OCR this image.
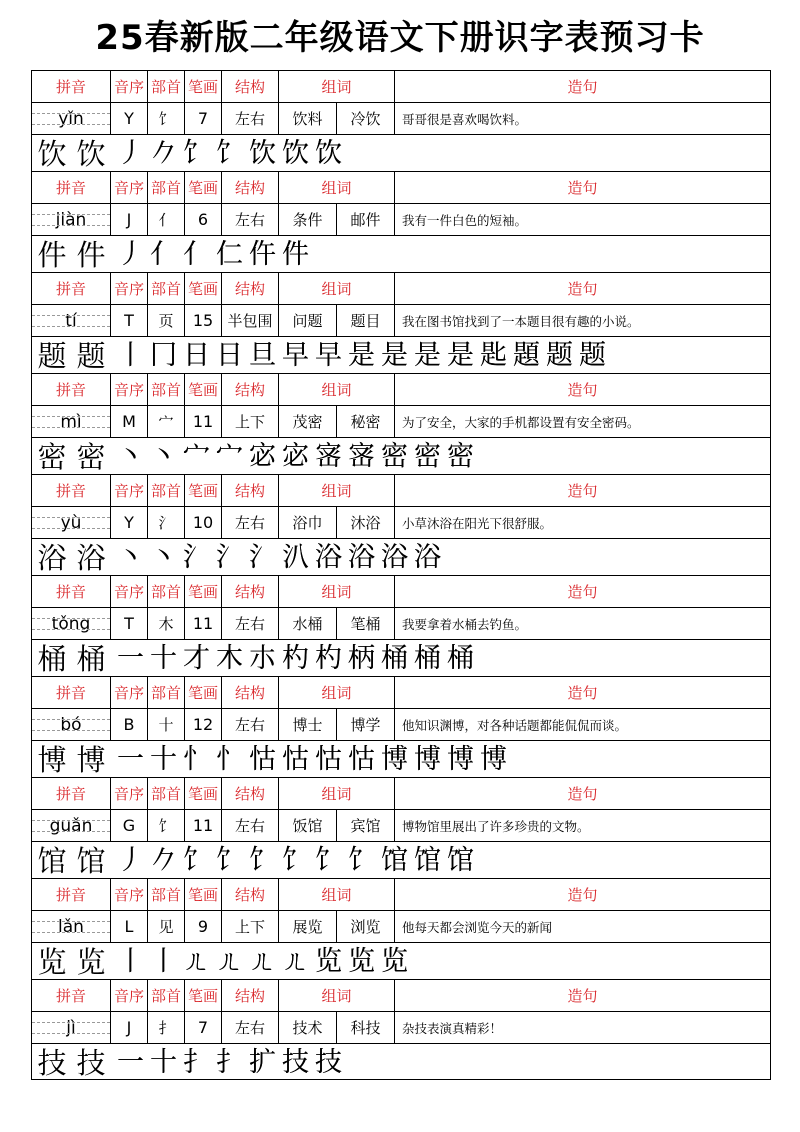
25春新版二年级语文下册识字表预习卡
拼音	音序 部首 笔画	结构	组词	造句
yǐn	Y	饣	7	左右	饮料	冷饮	哥哥很是喜欢喝饮料。
饮 饮 丿 𠂊 饣 饣 饮 饮 饮
拼音	音序 部首 笔画	结构	组词	造句
jiàn	J	亻	6	左右	条件	邮件	我有一件白色的短袖。
件 件 丿 亻 亻 仁 仵 件
拼音	音序 部首 笔画	结构	组词	造句
tí	T	页	15 半包围	问题	题目	我在图书馆找到了一本题目很有趣的小说。
题 题 丨 冂 日 日 旦 早 早 是 是 是 是 匙 題 题 题
拼音	音序 部首 笔画	结构	组词	造句
mì	M	宀	11	上下	茂密	秘密	为了安全，大家的手机都设置有安全密码。
密 密 丶 丶 宀 宀 宓 宓 宻 宻 密 密 密
拼音	音序 部首 笔画	结构	组词	造句
yù	Y	氵	10	左右	浴巾	沐浴	小草沐浴在阳光下很舒服。
浴 浴 丶 丶 氵 氵 氵 汃 浴 浴 浴 浴
拼音	音序 部首 笔画	结构	组词	造句
tǒng	T	木	11	左右	水桶	笔桶	我要拿着水桶去钓鱼。
桶 桶 一 十 才 木 朩 杓 杓 柄 桶 桶 桶
拼音	音序 部首 笔画	结构	组词	造句
bó	B	十	12	左右	博士	博学	他知识渊博，对各种话题都能侃侃而谈。
博 博 一 十 忄 忄 怙 怙 怙 怙 博 博 博 博
拼音	音序 部首 笔画	结构	组词	造句
guǎn	G	饣	11	左右	饭馆	宾馆	博物馆里展出了许多珍贵的文物。
馆 馆 丿 𠂊 饣 饣 饣 饣 饣 饣 馆 馆 馆
拼音	音序 部首 笔画	结构	组词	造句
lǎn	L	见	9	上下	展览	浏览	他每天都会浏览今天的新闻
览 览 丨 丨 ㄦ ㄦ ㄦ ㄦ 览 览 览
拼音	音序 部首 笔画	结构	组词	造句
jì	J	扌	7	左右	技术	科技	杂技表演真精彩！
技 技 一 十 扌 扌 扩 技 技
